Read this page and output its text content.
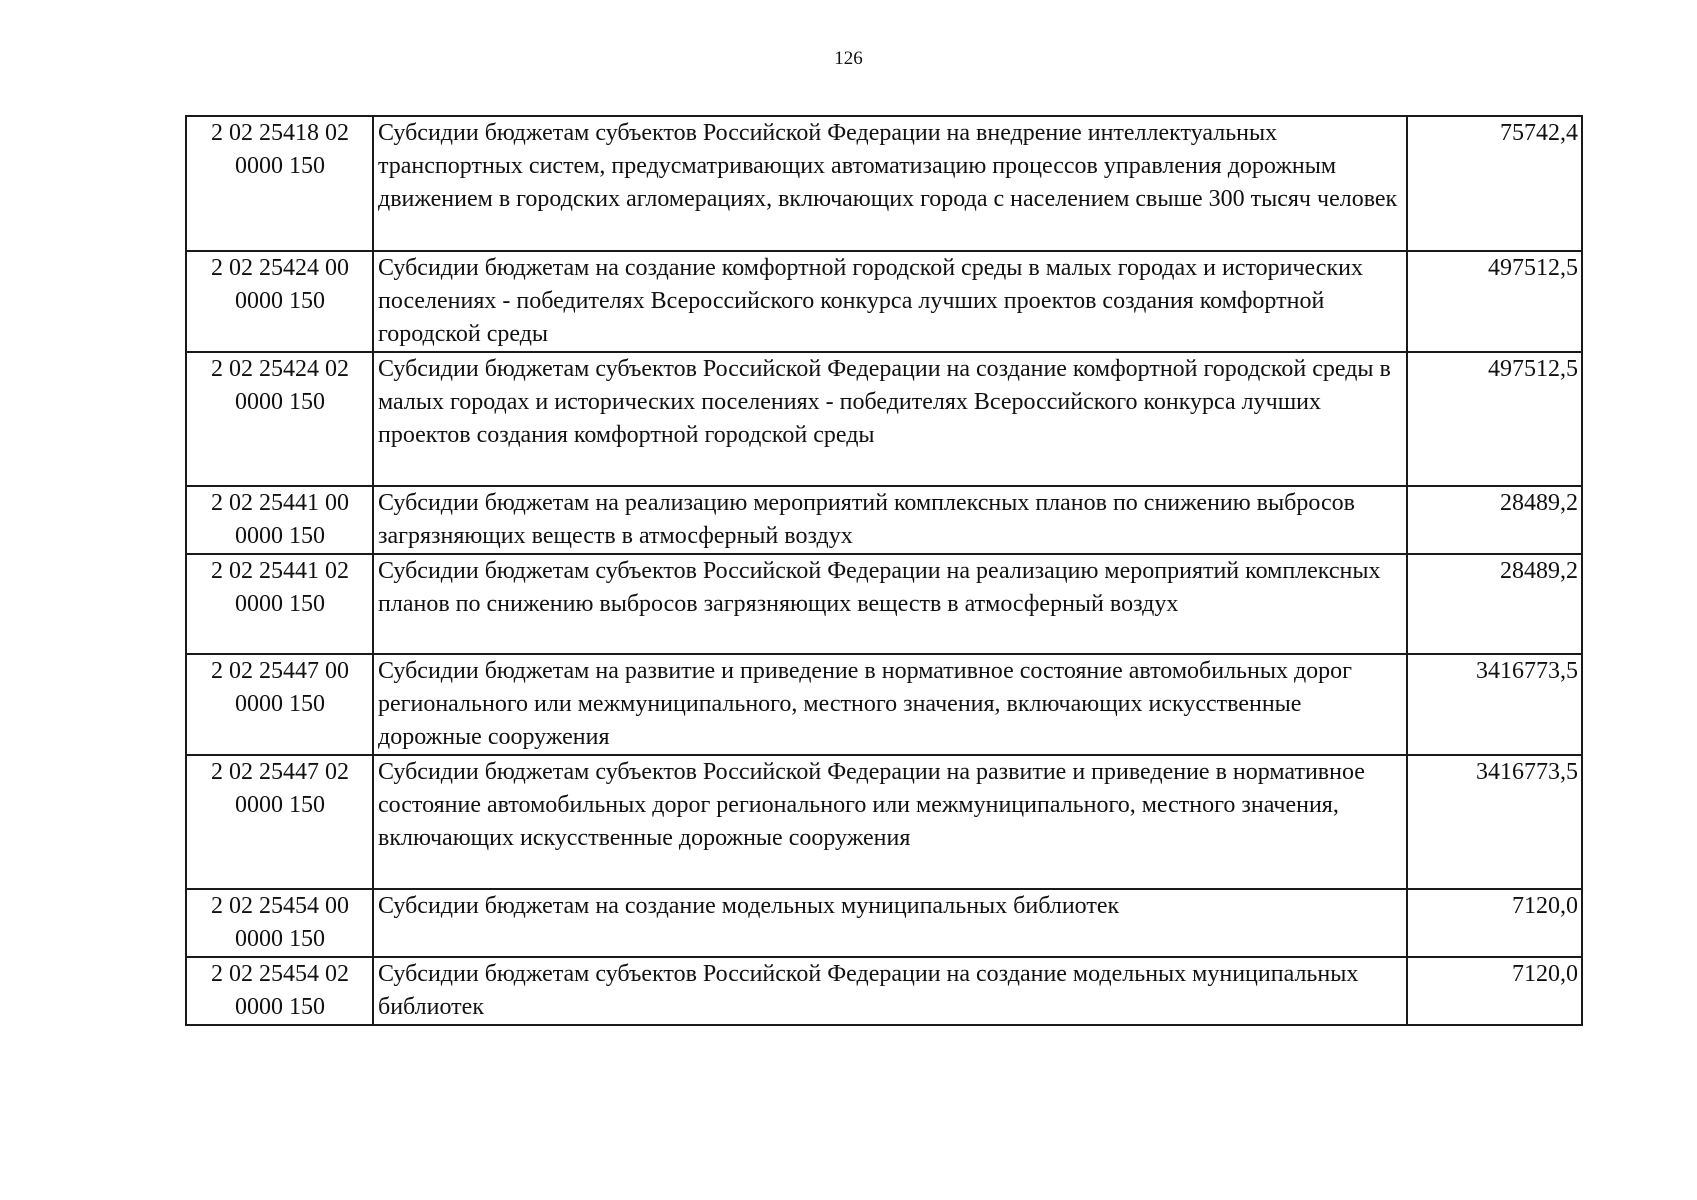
126
2 02 25418 02
0000 150	Субсидии бюджетам субъектов Российской Федерации на внедрение интеллектуальных транспортных систем, предусматривающих автоматизацию процессов управления дорожным движением в городских агломерациях, включающих города с населением свыше 300 тысяч человек	75742,4

2 02 25424 00
0000 150	Субсидии бюджетам на создание комфортной городской среды в малых городах и исторических поселениях - победителях Всероссийского конкурса лучших проектов создания комфортной городской среды	497512,5

2 02 25424 02
0000 150	Субсидии бюджетам субъектов Российской Федерации на создание комфортной городской среды в малых городах и исторических поселениях - победителях Всероссийского конкурса лучших проектов создания комфортной городской среды	497512,5

2 02 25441 00
0000 150	Субсидии бюджетам на реализацию мероприятий комплексных планов по снижению выбросов загрязняющих веществ в атмосферный воздух	28489,2

2 02 25441 02
0000 150	Субсидии бюджетам субъектов Российской Федерации на реализацию мероприятий комплексных планов по снижению выбросов загрязняющих веществ в атмосферный воздух	28489,2

2 02 25447 00
0000 150	Субсидии бюджетам на развитие и приведение в нормативное состояние автомобильных дорог регионального или межмуниципального, местного значения, включающих искусственные дорожные сооружения	3416773,5

2 02 25447 02
0000 150	Субсидии бюджетам субъектов Российской Федерации на развитие и приведение в нормативное состояние автомобильных дорог регионального или межмуниципального, местного значения, включающих искусственные дорожные сооружения	3416773,5

2 02 25454 00
0000 150	Субсидии бюджетам на создание модельных муниципальных библиотек	7120,0

2 02 25454 02
0000 150	Субсидии бюджетам субъектов Российской Федерации на создание модельных муниципальных библиотек	7120,0
